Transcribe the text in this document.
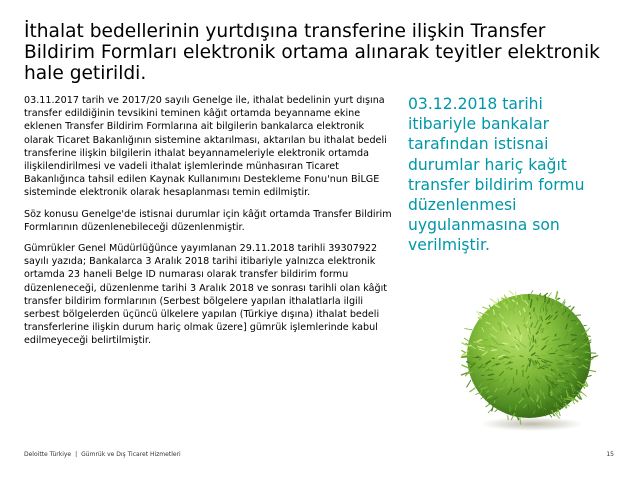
İthalat bedellerinin yurtdışına transferine ilişkin Transfer Bildirim Formları elektronik ortama alınarak teyitler elektronik hale getirildi.

03.11.2017 tarih ve 2017/20 sayılı Genelge ile, ithalat bedelinin yurt dışına transfer edildiğinin tevsikini teminen kâğıt ortamda beyanname ekine eklenen Transfer Bildirim Formlarına ait bilgilerin bankalarca elektronik olarak Ticaret Bakanlığının sistemine aktarılması, aktarılan bu ithalat bedeli transferine ilişkin bilgilerin ithalat beyannameleriyle elektronik ortamda ilişkilendirilmesi ve vadeli ithalat işlemlerinde münhasıran Ticaret Bakanlığınca tahsil edilen Kaynak Kullanımını Destekleme Fonu'nun BİLGE sisteminde elektronik olarak hesaplanması temin edilmiştir.

Söz konusu Genelge'de istisnai durumlar için kâğıt ortamda Transfer Bildirim Formlarının düzenlenebileceği düzenlenmiştir.

Gümrükler Genel Müdürlüğünce yayımlanan 29.11.2018 tarihli 39307922 sayılı yazıda; Bankalarca 3 Aralık 2018 tarihi itibariyle yalnızca elektronik ortamda 23 haneli Belge ID numarası olarak transfer bildirim formu düzenleneceği, düzenlenme tarihi 3 Aralık 2018 ve sonrası tarihli olan kâğıt transfer bildirim formlarının (Serbest bölgelere yapılan ithalatlarla ilgili serbest bölgelerden üçüncü ülkelere yapılan (Türkiye dışına) ithalat bedeli transferlerine ilişkin durum hariç olmak üzere] gümrük işlemlerinde kabul edilmeyeceği belirtilmiştir.

03.12.2018 tarihi itibariyle bankalar tarafından istisnai durumlar hariç kağıt transfer bildirim formu düzenlenmesi uygulanmasına son verilmiştir.
Deloitte Türkiye | Gümrük ve Dış Ticaret Hizmetleri	15
